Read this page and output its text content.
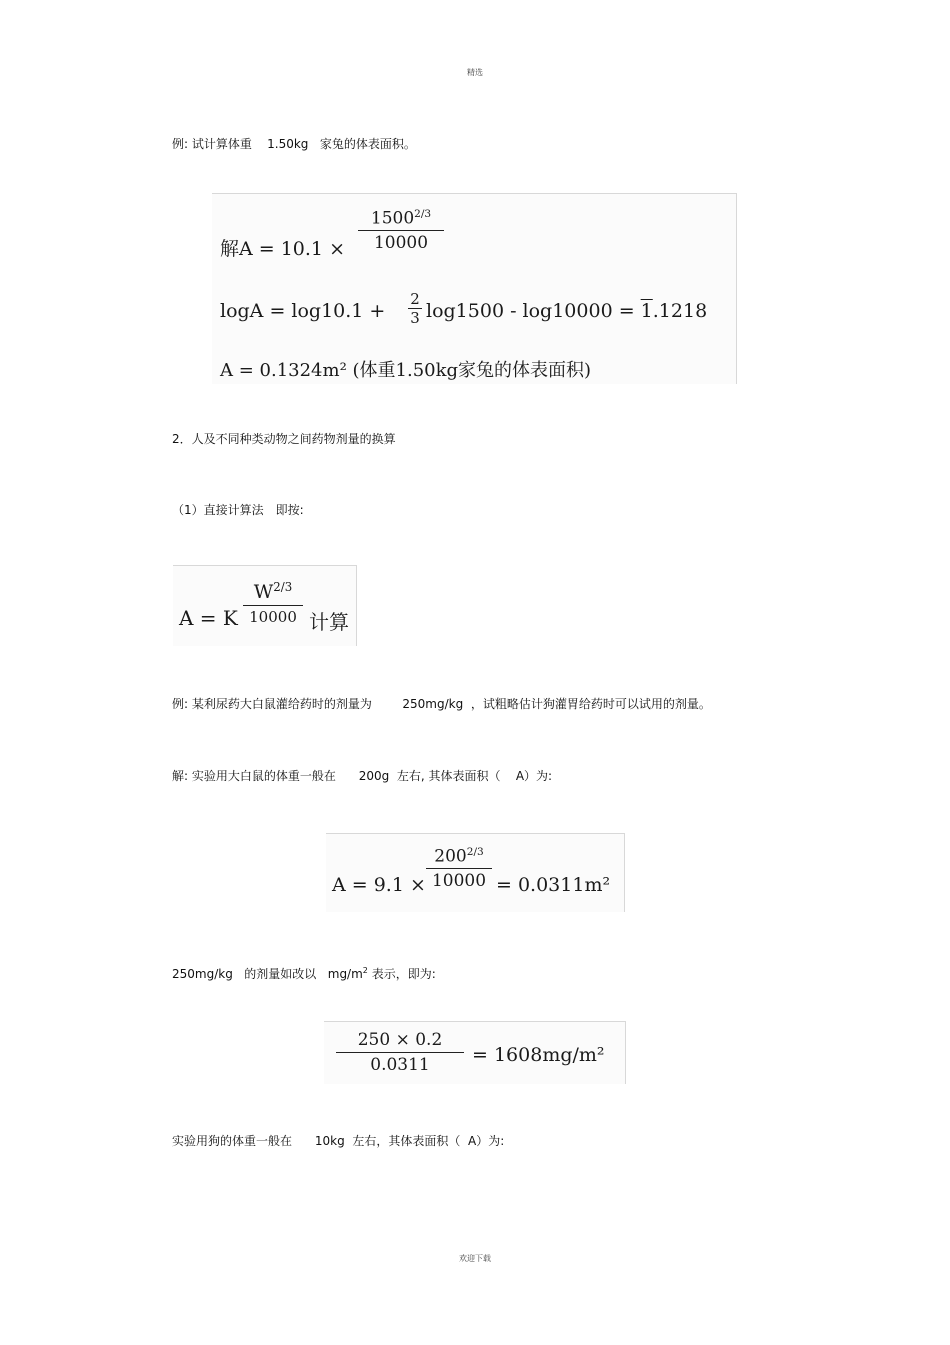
精选
例: 试计算体重 1.50kg 家兔的体表面积。
解A = 10.1 ×
$1500^{2/3}$
10000
logA = log10.1 +
2
3 log1500 - log10000 = 1.1218
A = 0.1324m² (体重1.50kg家兔的体表面积)
2．人及不同种类动物之间药物剂量的换算
（1）直接计算法　即按:
A = K
$W^{2/3}$
10000 计算
例: 某利尿药大白鼠灌给药时的剂量为	250mg/kg ，试粗略估计狗灌胃给药时可以试用的剂量。
解: 实验用大白鼠的体重一般在 200g 左右, 其体表面积（ A）为:
A = 9.1 ×
$200^{2/3}$
10000 = 0.0311m²
250mg/kg 的剂量如改以 $mg/m^2$ 表示，即为:
250 × 0.2
0.0311	= 1608mg/m²
实验用狗的体重一般在 10kg 左右，其体表面积（ A）为:
欢迎下载
